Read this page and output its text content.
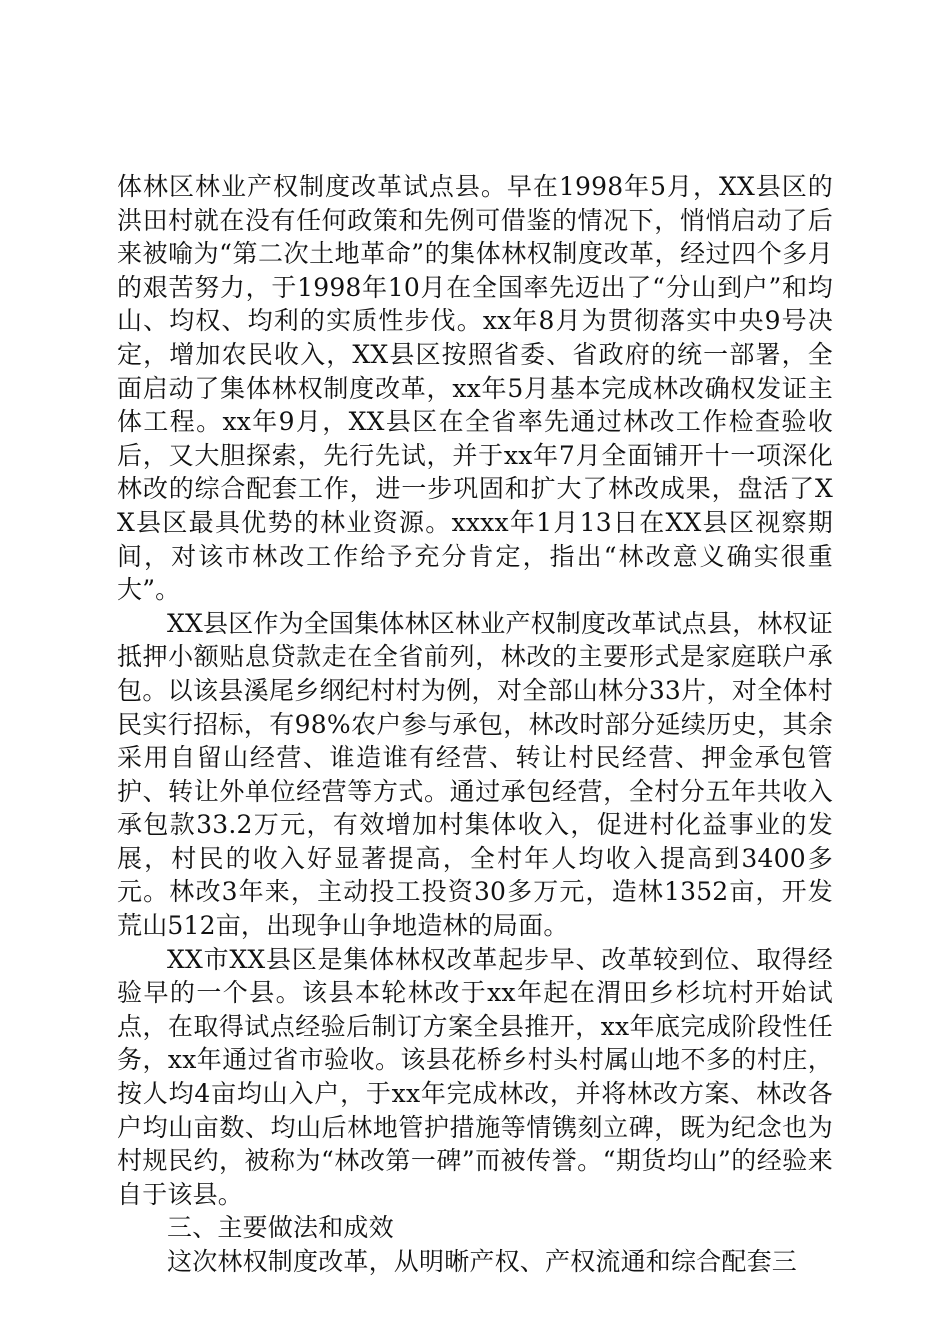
体林区林业产权制度改革试点县。早在1998年5月，XX县区的洪田村就在没有任何政策和先例可借鉴的情况下，悄悄启动了后来被喻为“第二次土地革命”的集体林权制度改革，经过四个多月的艰苦努力，于1998年10月在全国率先迈出了“分山到户”和均山、均权、均利的实质性步伐。xx年8月为贯彻落实中央9号决定，增加农民收入，XX县区按照省委、省政府的统一部署，全面启动了集体林权制度改革，xx年5月基本完成林改确权发证主体工程。xx年9月，XX县区在全省率先通过林改工作检查验收后，又大胆探索，先行先试，并于xx年7月全面铺开十一项深化林改的综合配套工作，进一步巩固和扩大了林改成果，盘活了XX县区最具优势的林业资源。xxxx年1月13日在XX县区视察期间，对该市林改工作给予充分肯定，指出“林改意义确实很重大”。

XX县区作为全国集体林区林业产权制度改革试点县，林权证抵押小额贴息贷款走在全省前列，林改的主要形式是家庭联户承包。以该县溪尾乡纲纪村村为例，对全部山林分33片，对全体村民实行招标，有98%农户参与承包，林改时部分延续历史，其余采用自留山经营、谁造谁有经营、转让村民经营、押金承包管护、转让外单位经营等方式。通过承包经营，全村分五年共收入承包款33.2万元，有效增加村集体收入，促进村化益事业的发展，村民的收入好显著提高，全村年人均收入提高到3400多元。林改3年来，主动投工投资30多万元，造林1352亩，开发荒山512亩，出现争山争地造林的局面。

XX市XX县区是集体林权改革起步早、改革较到位、取得经验早的一个县。该县本轮林改于xx年起在渭田乡杉坑村开始试点，在取得试点经验后制订方案全县推开，xx年底完成阶段性任务，xx年通过省市验收。该县花桥乡村头村属山地不多的村庄，按人均4亩均山入户，于xx年完成林改，并将林改方案、林改各户均山亩数、均山后林地管护措施等情镌刻立碑，既为纪念也为村规民约，被称为“林改第一碑”而被传誉。“期货均山”的经验来自于该县。

三、主要做法和成效

这次林权制度改革，从明晰产权、产权流通和综合配套三
